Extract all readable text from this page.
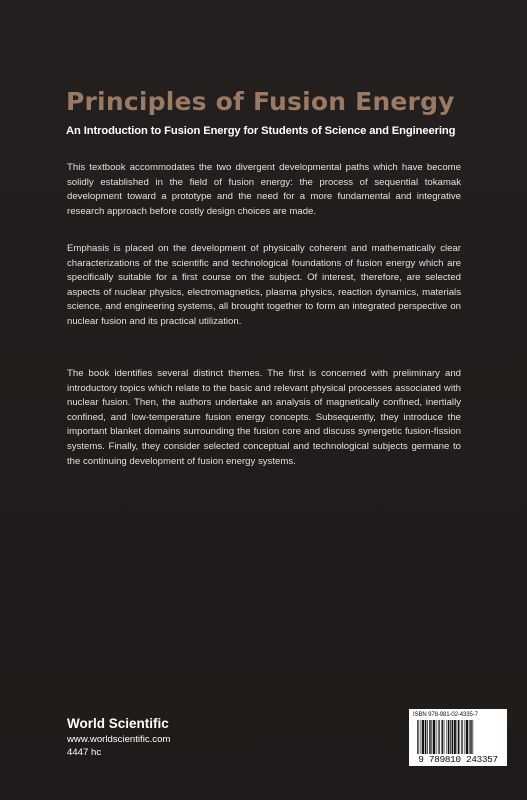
Principles of Fusion Energy
An Introduction to Fusion Energy for Students of Science and Engineering

This textbook accommodates the two divergent developmental paths which have become solidly established in the field of fusion energy: the process of sequential tokamak development toward a prototype and the need for a more fundamental and integrative research approach before costly design choices are made.

Emphasis is placed on the development of physically coherent and mathematically clear characterizations of the scientific and technological foundations of fusion energy which are specifically suitable for a first course on the subject. Of interest, therefore, are selected aspects of nuclear physics, electromagnetics, plasma physics, reaction dynamics, materials science, and engineering systems, all brought together to form an integrated perspective on nuclear fusion and its practical utilization.

The book identifies several distinct themes. The first is concerned with preliminary and introductory topics which relate to the basic and relevant physical processes associated with nuclear fusion. Then, the authors undertake an analysis of magnetically confined, inertially confined, and low-temperature fusion energy concepts. Subsequently, they introduce the important blanket domains surrounding the fusion core and discuss synergetic fusion-fission systems. Finally, they consider selected conceptual and technological subjects germane to the continuing development of fusion energy systems.

World Scientific
www.worldscientific.com
4447 hc
ISBN 978-981-02-4335-7
9 789810 243357
